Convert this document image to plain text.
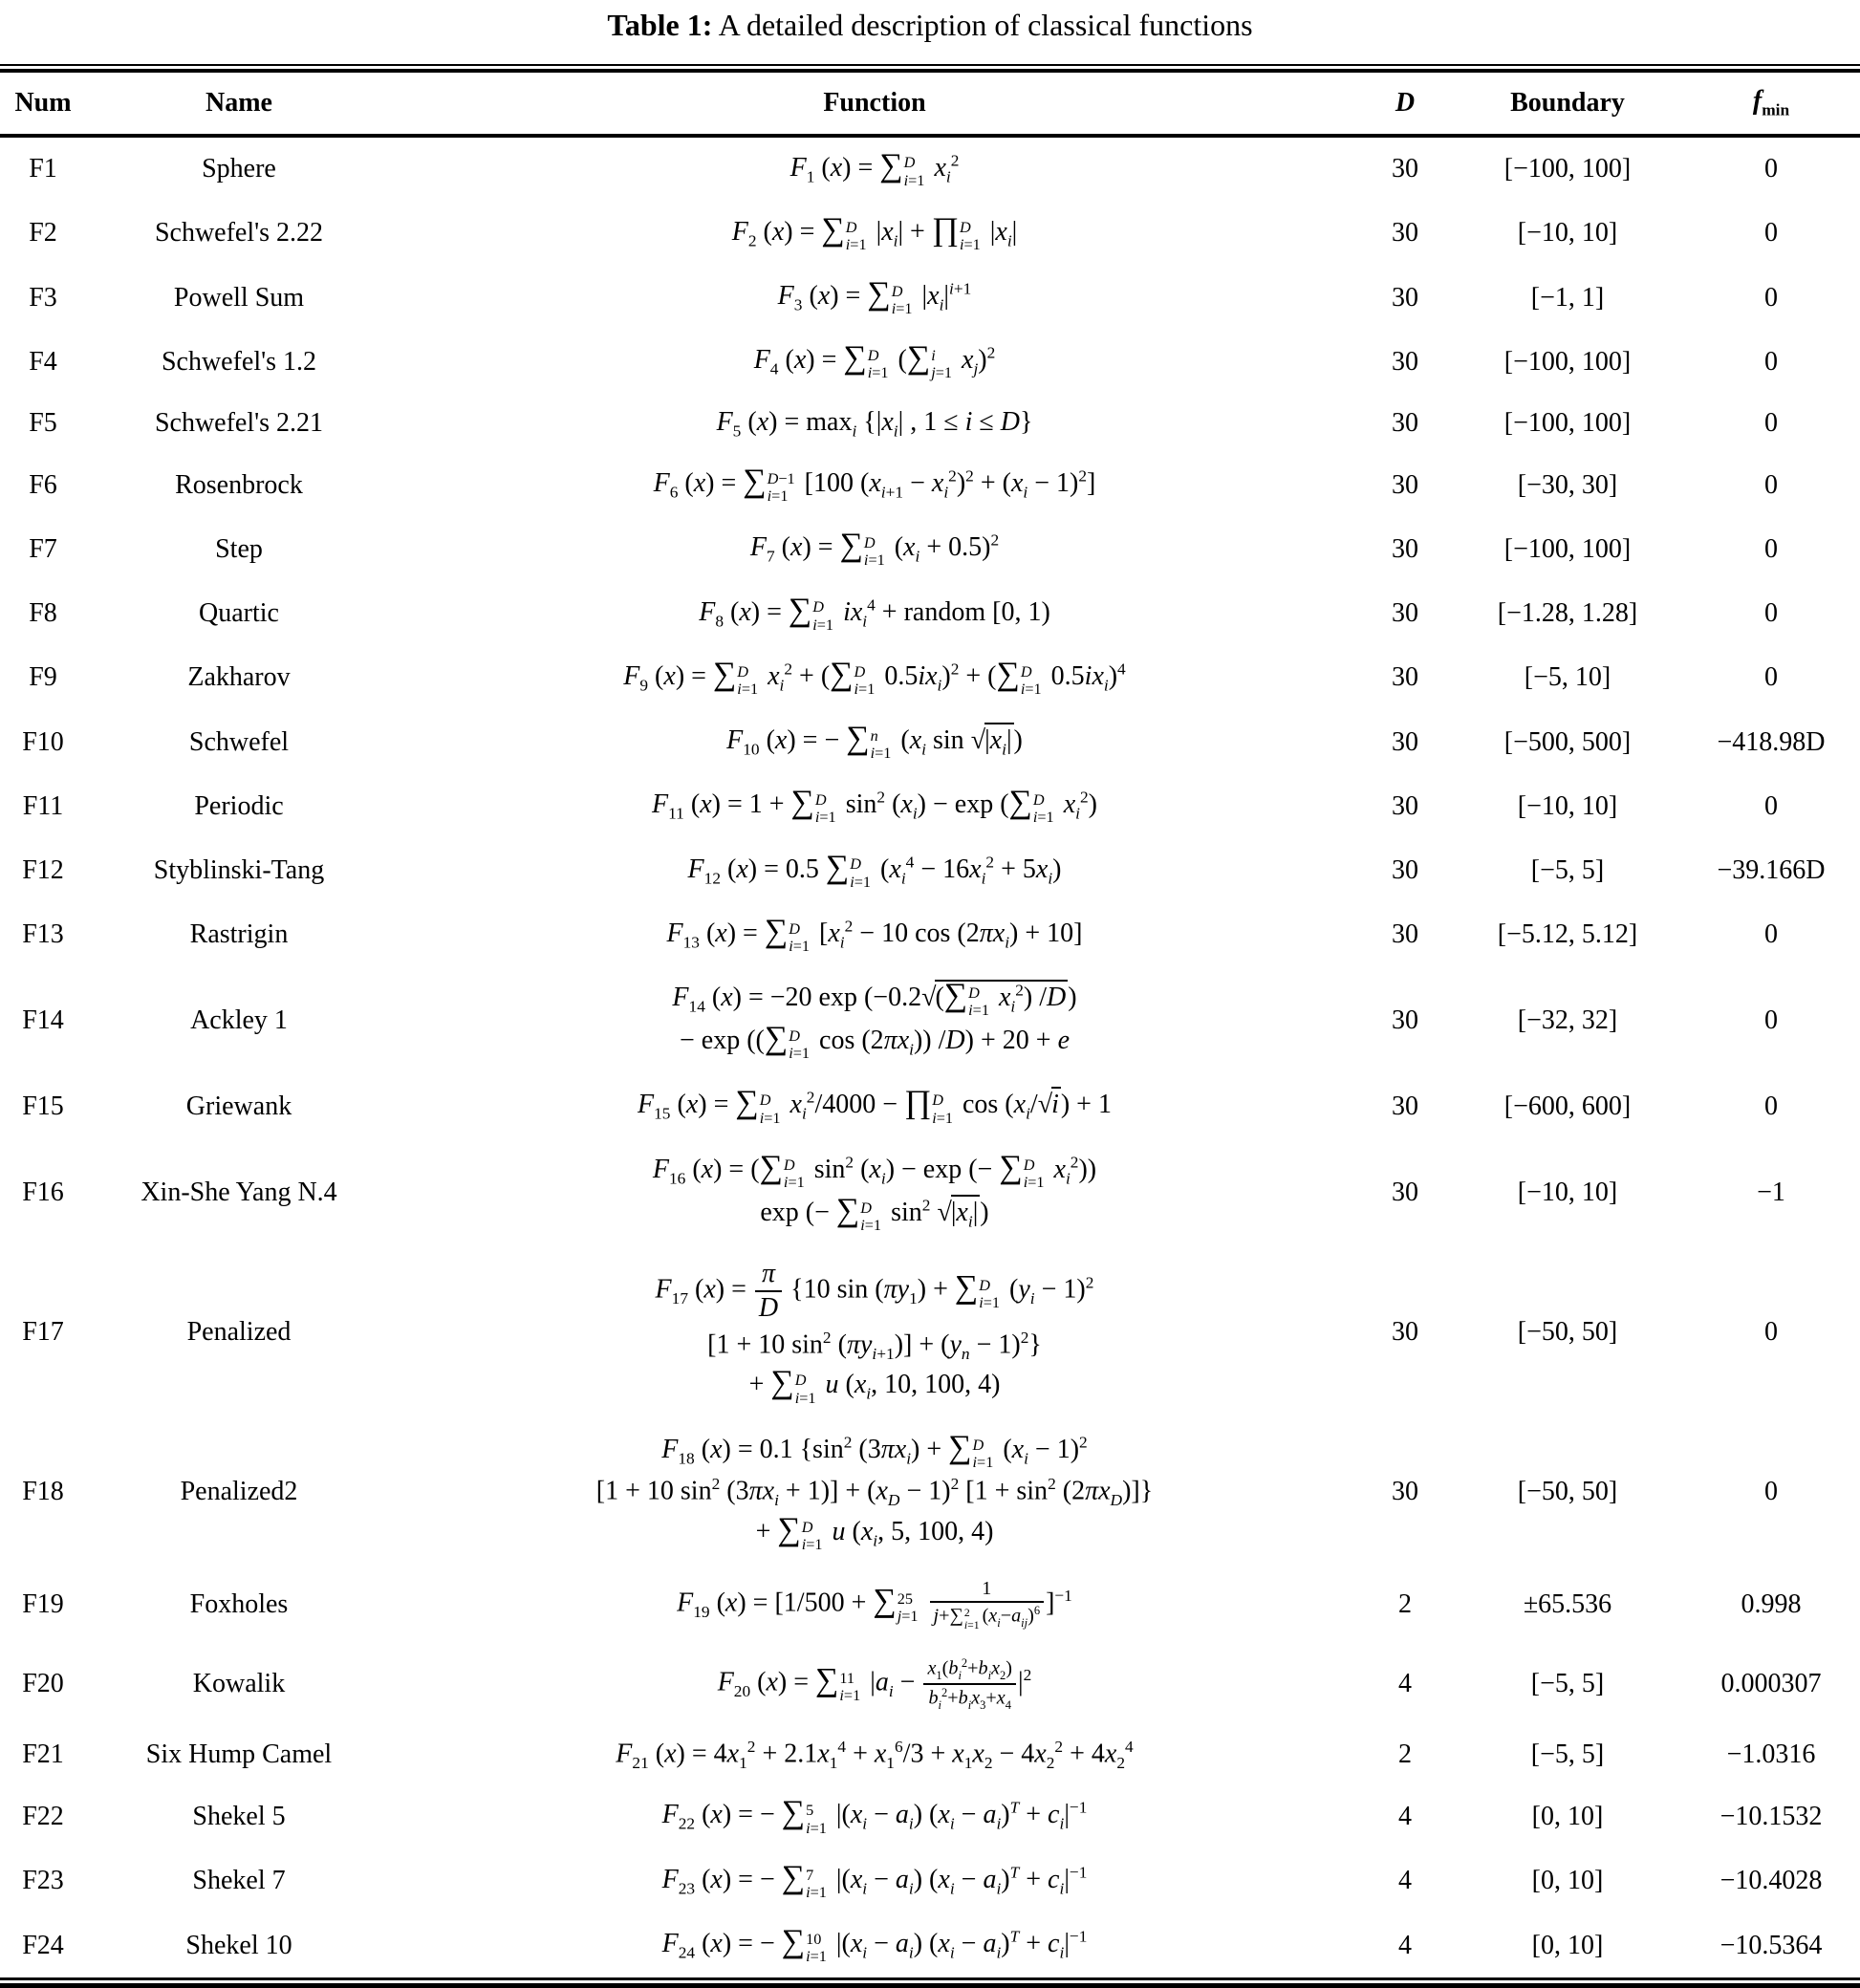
Table 1: A detailed description of classical functions
Num	Name	Function	D	Boundary	$f_{min}$
F1	Sphere	$F_1$ (x) = ∑D
i=1 $x_i^2$	30	[−100, 100]	0
F2	Schwefel's 2.22	$F_2$ (x) = ∑D
i=1 $|x_i|$ + ∏D
i=1 $|x_i|$	30	[−10, 10]	0
F3	Powell Sum	$F_3$ (x) = ∑D
i=1 $|x_i|^{i+1}$	30	[−1, 1]	0
F4	Schwefel's 1.2	$F_4$ (x) = ∑D
i=1 (∑i
j=1 $x_j)^2$	30	[−100, 100]	0
F5	Schwefel's 2.21	$F_5$ $(x) = \max_i \{|x_i|$ , 1 ≤ i ≤ D}	30	[−100, 100]	0
F6	Rosenbrock	$F_6$ (x) = ∑D−1
i=1 [100 $(x_{i+1} - x_i^2)^2 + (x_i - 1)^2$]	30	[−30, 30]	0
F7	Step	$F_7$ (x) = ∑D
i=1 $(x_i + 0.5)^2$	30	[−100, 100]	0
F8	Quartic	$F_8$ (x) = ∑D
i=1 $ix_i^4$ + random [0, 1)	30	[−1.28, 1.28]	0
F9	Zakharov	$F_9$ (x) = ∑D
i=1 $x_i^2 + (\sum D$
i=1 $0.5ix_i)^2 + (\sum D$
i=1 $0.5ix_i)^4$	30	[−5, 10]	0
F10	Schwefel	$F_{10}$ (x) = − ∑n
i=1 ($x_i$ $\sin √|x_i|$)	30	[−500, 500]	−418.98D
F11	Periodic	$F_{11}$ (x) = 1 + ∑D
i=1 $\sin^2 (x_i) - \exp (\sum D$
i=1 $x_i^2$)	30	[−10, 10]	0
F12	Styblinski-Tang	$F_{12}$ (x) = 0.5 ∑D
i=1 $(x_i^4 - 16x_i^2 + 5x_i)$	30	[−5, 5]	−39.166D
F13	Rastrigin	$F_{13}$ (x) = ∑D
i=1 [$x_i^2 - 10$ $\cos (2\pi x_i) + 10$]	30	[−5.12, 5.12]	0
F14	Ackley 1
$F_{14}$ (x) = −20 exp (−0.2√(∑D
i=1 $x_i^2$) /D)
− exp ((∑D
i=1 $\cos (2\pi x_i)$) /D) + 20 + e
30	[−32, 32]	0
F15	Griewank	$F_{15}$ (x) = ∑D
i=1 $x_i^2/4000$ − ∏D
i=1 $\cos (x_i/√i) + 1$	30	[−600, 600]	0
F16	Xin-She Yang N.4
$F_{16}$ (x) = (∑D
i=1 $\sin^2 (x_i) - \exp$ (− ∑D
i=1 $x_i^2$))
exp (− ∑D
i=1 $\sin^2 √|x_i|$)
30	[−10, 10]	−1
F17	Penalized
$F_{17}$ $(x) = \frac{\pi}{D} \{10$ $\sin (\pi y_1) + \sum D$
i=1 $(y_i - 1)^2$
[1 + 10 $\sin^2 (\pi y_{i+1})] + (y_n - 1)^2$}
+ ∑D
i=1 u ($x_i$, 10, 100, 4)
30	[−50, 50]	0
F18	Penalized2
$F_{18}$ (x) = 0.1 {$\sin^2$ $(3\pi x_i) + \sum D$
i=1 $(x_i - 1)^2$
[1 + 10 $\sin^2 (3\pi x_i + 1)] + (x_D - 1)^2$ $[1 + \sin^2 (2\pi x_D)]$}
+ ∑D
i=1 u ($x_i$, 5, 100, 4)
30	[−50, 50]	0
F19	Foxholes	$F_{19}$ (x) = [1/500 + ∑25
j=1
1
j+∑2
i=1 $(x_i-a_{ij})^6$ ]$^{-1}$	2	±65.536	0.998
F20	Kowalik	$F_{20}$ (x) = ∑11
i=1 $|a_i - x_1(b_i^2+b_ix_2)$
$b_i^2+b_ix_3+x_4$
$|^2$	4	[−5, 5]	0.000307
F21	Six Hump Camel	$F_{21}$ $(x) = 4x_1^2 + 2.1x_1^4 + x_1^6/3 + x_1x_2 - 4x_2^2 + 4x_2^4$	2	[−5, 5]	−1.0316
F22	Shekel 5	$F_{22}$ (x) = − ∑5
i=1 $|(x_i - a_i) (x_i - a_i)^T + c_i|^{-1}$	4	[0, 10]	−10.1532
F23	Shekel 7	$F_{23}$ (x) = − ∑7
i=1 $|(x_i - a_i) (x_i - a_i)^T + c_i|^{-1}$	4	[0, 10]	−10.4028
F24	Shekel 10	$F_{24}$ (x) = − ∑10
i=1 $|(x_i - a_i) (x_i - a_i)^T + c_i|^{-1}$	4	[0, 10]	−10.5364
